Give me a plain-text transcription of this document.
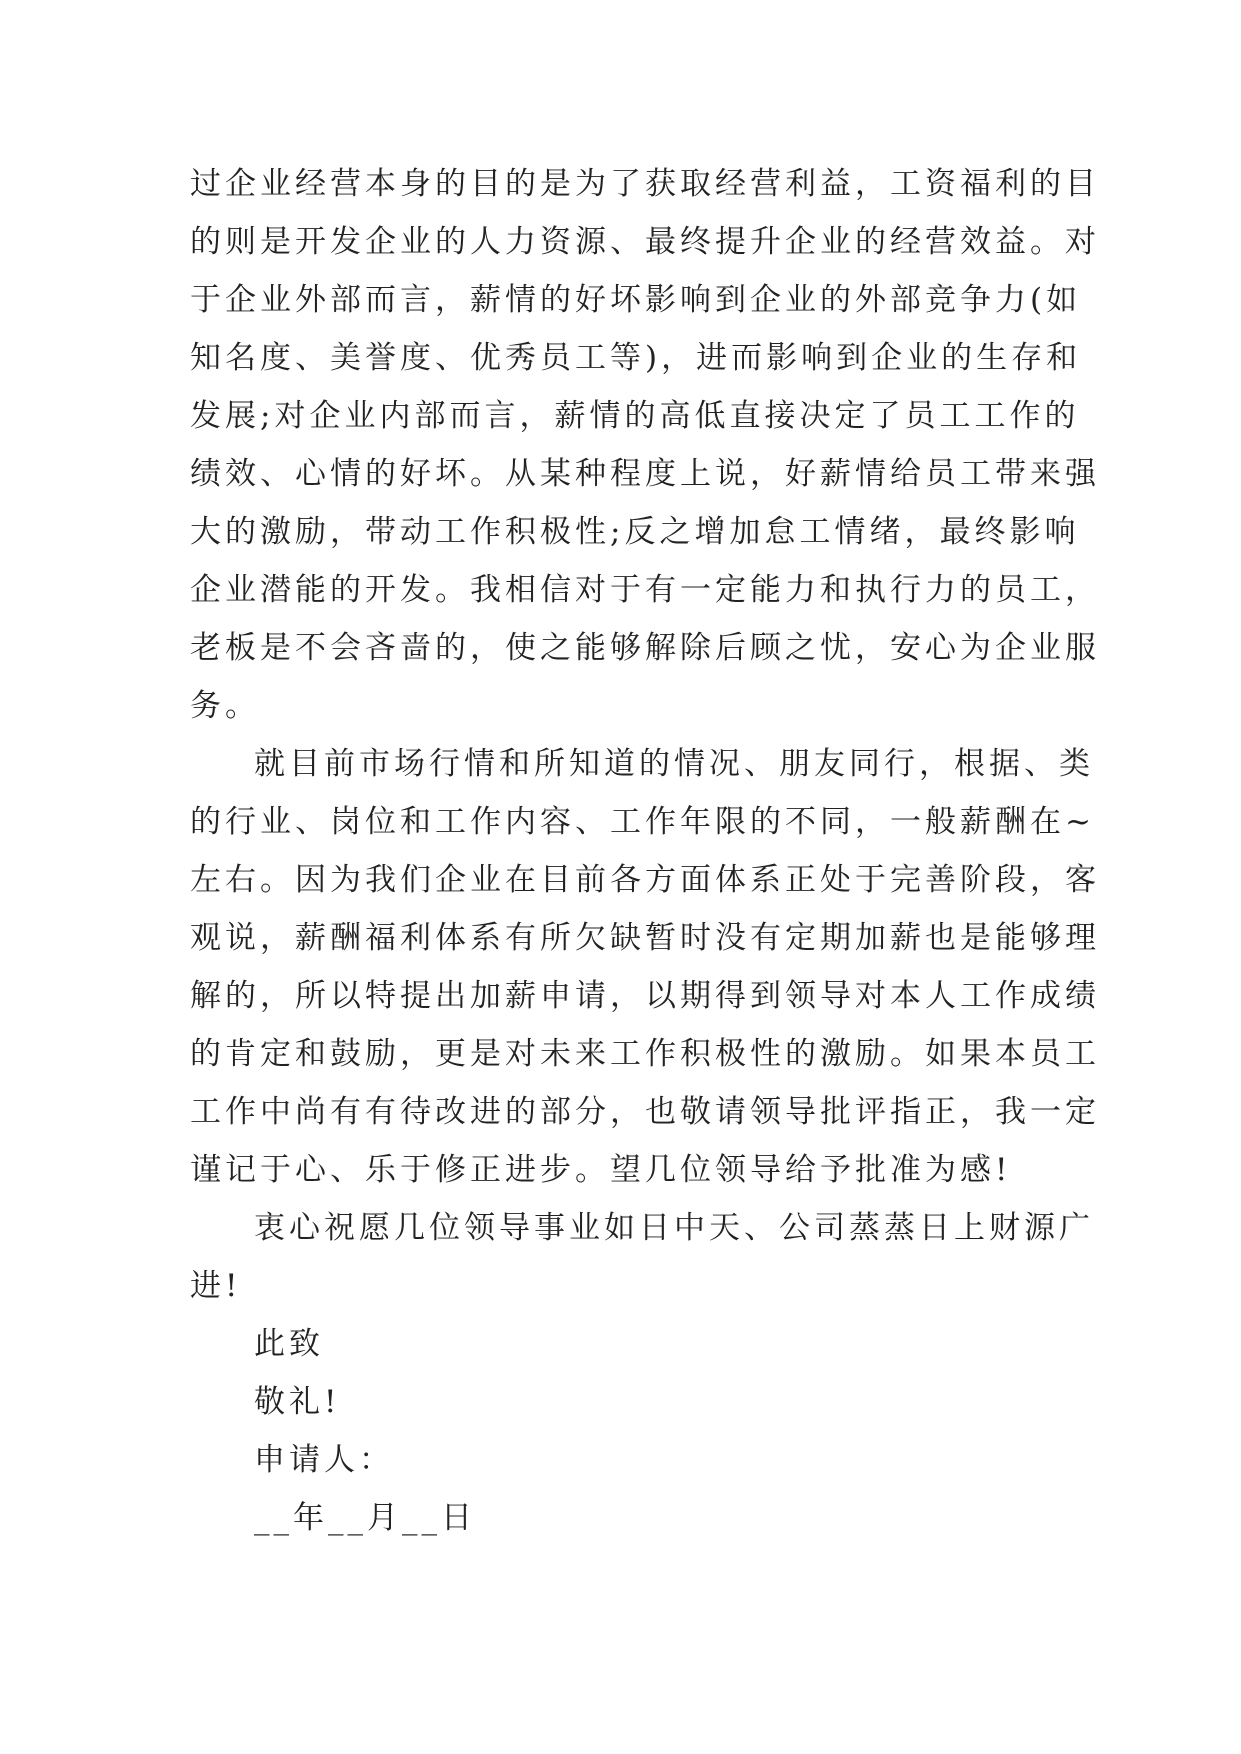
过企业经营本身的目的是为了获取经营利益，工资福利的目
的则是开发企业的人力资源、最终提升企业的经营效益。对
于企业外部而言，薪情的好坏影响到企业的外部竞争力(如
知名度、美誉度、优秀员工等)，进而影响到企业的生存和
发展;对企业内部而言，薪情的高低直接决定了员工工作的
绩效、心情的好坏。从某种程度上说，好薪情给员工带来强
大的激励，带动工作积极性;反之增加怠工情绪，最终影响
企业潜能的开发。我相信对于有一定能力和执行力的员工，
老板是不会吝啬的，使之能够解除后顾之忧，安心为企业服
务。
就目前市场行情和所知道的情况、朋友同行，根据、类
的行业、岗位和工作内容、工作年限的不同，一般薪酬在~
左右。因为我们企业在目前各方面体系正处于完善阶段，客
观说，薪酬福利体系有所欠缺暂时没有定期加薪也是能够理
解的，所以特提出加薪申请，以期得到领导对本人工作成绩
的肯定和鼓励，更是对未来工作积极性的激励。如果本员工
工作中尚有有待改进的部分，也敬请领导批评指正，我一定
谨记于心、乐于修正进步。望几位领导给予批准为感!
衷心祝愿几位领导事业如日中天、公司蒸蒸日上财源广
进!
此致
敬礼!
申请人：
__年__月__日
